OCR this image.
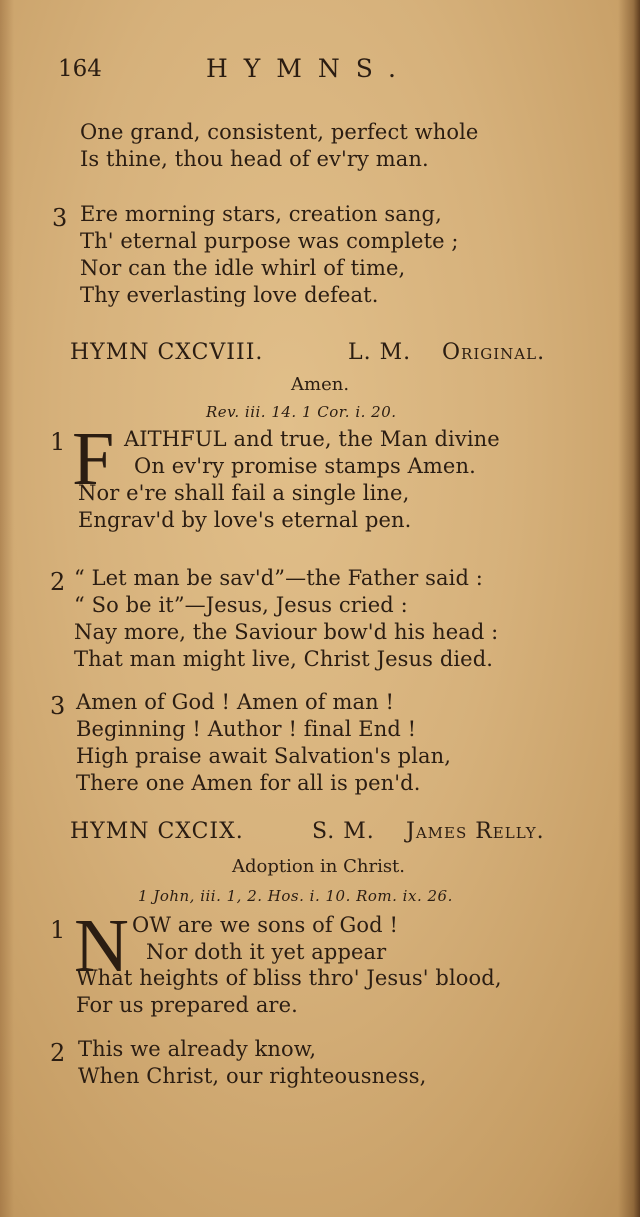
164	HYMNS.
One grand, consistent, perfect whole
Is thine, thou head of ev'ry man.
3 Ere morning stars, creation sang,
Th' eternal purpose was complete ;
Nor can the idle whirl of time,
Thy everlasting love defeat.
HYMN CXCVIII.	L. M. Original.
Amen.
Rev. iii. 14. 1 Cor. i. 20.
1 F AITHFUL and true, the Man divine
On ev'ry promise stamps Amen.
Nor e're shall fail a single line,
Engrav'd by love's eternal pen.
2 “ Let man be sav'd”—the Father said :
“ So be it”—Jesus, Jesus cried :
Nay more, the Saviour bow'd his head :
That man might live, Christ Jesus died.
3 Amen of God ! Amen of man !
Beginning ! Author ! final End !
High praise await Salvation's plan,
There one Amen for all is pen'd.
HYMN CXCIX.	S. M. James Relly.
Adoption in Christ.
1 John, iii. 1, 2. Hos. i. 10. Rom. ix. 26.
1 N OW are we sons of God !
Nor doth it yet appear
What heights of bliss thro' Jesus' blood,
For us prepared are.
2 This we already know,
When Christ, our righteousness,
